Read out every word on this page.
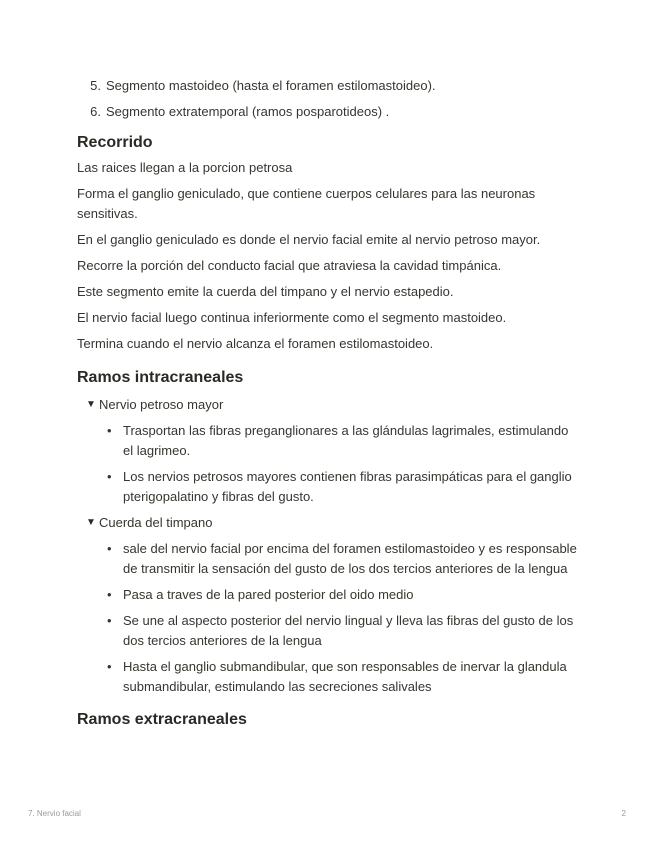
5. Segmento mastoideo (hasta el foramen estilomastoideo).
6. Segmento extratemporal (ramos posparotideos) .
Recorrido

Las raices llegan a la porcion petrosa

Forma el ganglio geniculado, que contiene cuerpos celulares para las neuronas sensitivas.

En el ganglio geniculado es donde el nervio facial emite al nervio petroso mayor.

Recorre la porción del conducto facial que atraviesa la cavidad timpánica.

Este segmento emite la cuerda del timpano y el nervio estapedio.

El nervio facial luego continua inferiormente como el segmento mastoideo.

Termina cuando el nervio alcanza el foramen estilomastoideo.

Ramos intracraneales
▼ Nervio petroso mayor
• Trasportan las fibras preganglionares a las glándulas lagrimales, estimulando el lagrimeo.
• Los nervios petrosos mayores contienen fibras parasimpáticas para el ganglio pterigopalatino y fibras del gusto.
▼ Cuerda del timpano
• sale del nervio facial por encima del foramen estilomastoideo y es responsable de transmitir la sensación del gusto de los dos tercios anteriores de la lengua
• Pasa a traves de la pared posterior del oido medio
• Se une al aspecto posterior del nervio lingual y lleva las fibras del gusto de los dos tercios anteriores de la lengua
• Hasta el ganglio submandibular, que son responsables de inervar la glandula submandibular, estimulando las secreciones salivales
Ramos extracraneales
7. Nervio facial	2
